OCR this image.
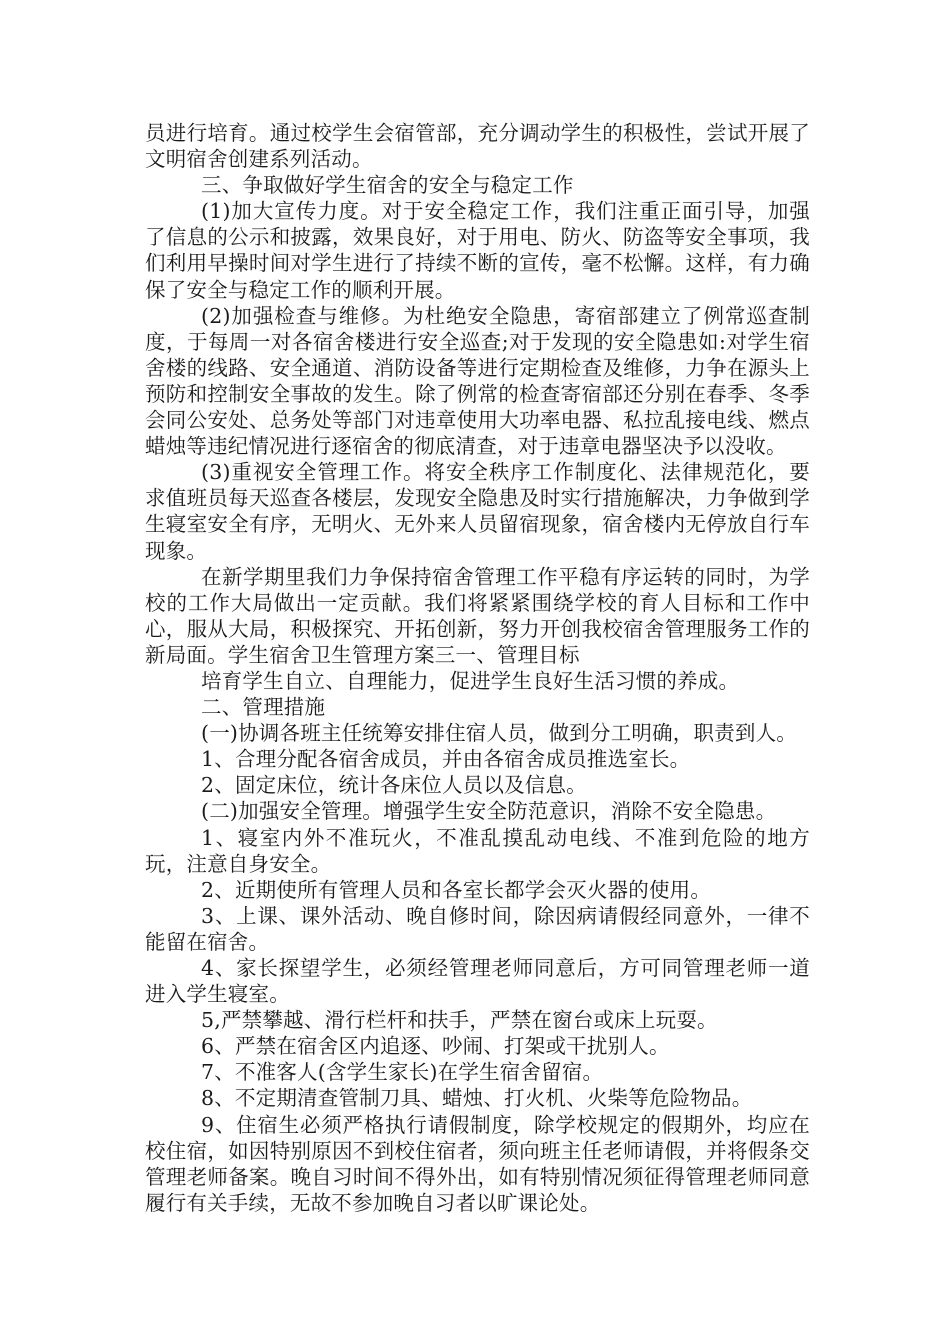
员进行培育。通过校学生会宿管部，充分调动学生的积极性，尝试开展了文明宿舍创建系列活动。

三、争取做好学生宿舍的安全与稳定工作

(1)加大宣传力度。对于安全稳定工作，我们注重正面引导，加强了信息的公示和披露，效果良好，对于用电、防火、防盗等安全事项，我们利用早操时间对学生进行了持续不断的宣传，毫不松懈。这样，有力确保了安全与稳定工作的顺利开展。

(2)加强检查与维修。为杜绝安全隐患，寄宿部建立了例常巡查制度，于每周一对各宿舍楼进行安全巡查;对于发现的安全隐患如:对学生宿舍楼的线路、安全通道、消防设备等进行定期检查及维修，力争在源头上预防和控制安全事故的发生。除了例常的检查寄宿部还分别在春季、冬季会同公安处、总务处等部门对违章使用大功率电器、私拉乱接电线、燃点蜡烛等违纪情况进行逐宿舍的彻底清查，对于违章电器坚决予以没收。

(3)重视安全管理工作。将安全秩序工作制度化、法律规范化，要求值班员每天巡查各楼层，发现安全隐患及时实行措施解决，力争做到学生寝室安全有序，无明火、无外来人员留宿现象，宿舍楼内无停放自行车现象。

在新学期里我们力争保持宿舍管理工作平稳有序运转的同时，为学校的工作大局做出一定贡献。我们将紧紧围绕学校的育人目标和工作中心，服从大局，积极探究、开拓创新，努力开创我校宿舍管理服务工作的新局面。学生宿舍卫生管理方案三一、管理目标

培育学生自立、自理能力，促进学生良好生活习惯的养成。

二、管理措施

(一)协调各班主任统筹安排住宿人员，做到分工明确，职责到人。

1、合理分配各宿舍成员，并由各宿舍成员推选室长。

2、固定床位，统计各床位人员以及信息。

(二)加强安全管理。增强学生安全防范意识，消除不安全隐患。

1、寝室内外不准玩火，不准乱摸乱动电线、不准到危险的地方玩，注意自身安全。

2、近期使所有管理人员和各室长都学会灭火器的使用。

3、上课、课外活动、晚自修时间，除因病请假经同意外，一律不能留在宿舍。

4、家长探望学生，必须经管理老师同意后，方可同管理老师一道进入学生寝室。

5,严禁攀越、滑行栏杆和扶手，严禁在窗台或床上玩耍。

6、严禁在宿舍区内追逐、吵闹、打架或干扰别人。

7、不准客人(含学生家长)在学生宿舍留宿。

8、不定期清查管制刀具、蜡烛、打火机、火柴等危险物品。

9、住宿生必须严格执行请假制度，除学校规定的假期外，均应在校住宿，如因特别原因不到校住宿者，须向班主任老师请假，并将假条交管理老师备案。晚自习时间不得外出，如有特别情况须征得管理老师同意履行有关手续，无故不参加晚自习者以旷课论处。
